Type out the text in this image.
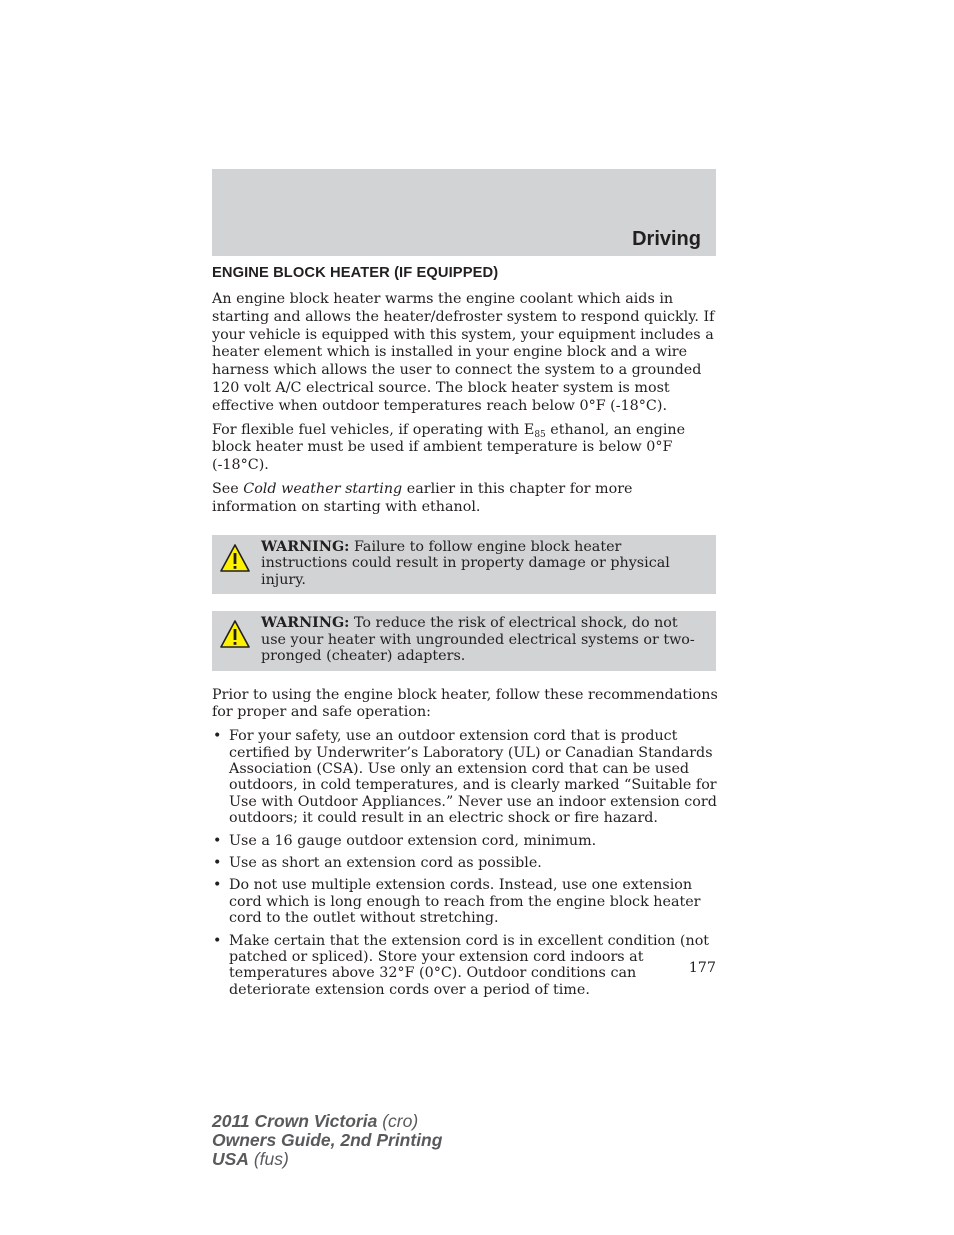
Driving
ENGINE BLOCK HEATER (IF EQUIPPED)

An engine block heater warms the engine coolant which aids in starting and allows the heater/defroster system to respond quickly. If your vehicle is equipped with this system, your equipment includes a heater element which is installed in your engine block and a wire harness which allows the user to connect the system to a grounded 120 volt A/C electrical source. The block heater system is most effective when outdoor temperatures reach below 0°F (-18°C).

For flexible fuel vehicles, if operating with $E_{85}$ ethanol, an engine block heater must be used if ambient temperature is below 0°F (-18°C).

See Cold weather starting earlier in this chapter for more information on starting with ethanol.

WARNING: Failure to follow engine block heater instructions could result in property damage or physical injury.
WARNING: To reduce the risk of electrical shock, do not use your heater with ungrounded electrical systems or two-pronged (cheater) adapters.

Prior to using the engine block heater, follow these recommendations for proper and safe operation:

• For your safety, use an outdoor extension cord that is product certified by Underwriter’s Laboratory (UL) or Canadian Standards Association (CSA). Use only an extension cord that can be used outdoors, in cold temperatures, and is clearly marked “Suitable for Use with Outdoor Appliances.” Never use an indoor extension cord outdoors; it could result in an electric shock or fire hazard.
• Use a 16 gauge outdoor extension cord, minimum.
• Use as short an extension cord as possible.
• Do not use multiple extension cords. Instead, use one extension cord which is long enough to reach from the engine block heater cord to the outlet without stretching.
• Make certain that the extension cord is in excellent condition (not patched or spliced). Store your extension cord indoors at temperatures above 32°F (0°C). Outdoor conditions can deteriorate extension cords over a period of time.
177
2011 Crown Victoria (cro)
Owners Guide, 2nd Printing
USA (fus)
